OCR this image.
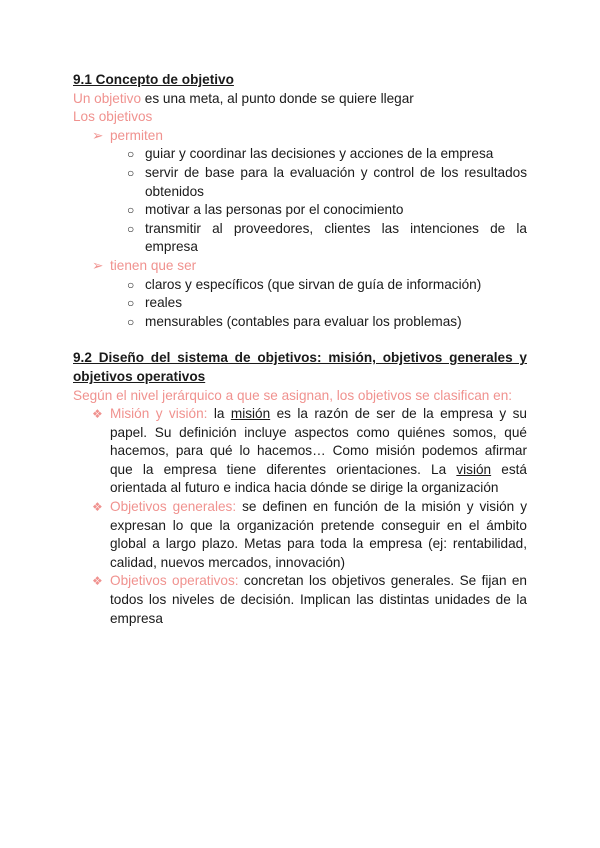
9.1 Concepto de objetivo

Un objetivo es una meta, al punto donde se quiere llegar

Los objetivos

➢ permiten
○ guiar y coordinar las decisiones y acciones de la empresa
○ servir de base para la evaluación y control de los resultados obtenidos
○ motivar a las personas por el conocimiento
○ transmitir al proveedores, clientes las intenciones de la empresa
➢ tienen que ser
○ claros y específicos (que sirvan de guía de información)
○ reales
○ mensurables (contables para evaluar los problemas)

9.2 Diseño del sistema de objetivos: misión, objetivos generales y objetivos operativos

Según el nivel jerárquico a que se asignan, los objetivos se clasifican en:

❖ Misión y visión: la misión es la razón de ser de la empresa y su papel. Su definición incluye aspectos como quiénes somos, qué hacemos, para qué lo hacemos… Como misión podemos afirmar que la empresa tiene diferentes orientaciones. La visión está orientada al futuro e indica hacia dónde se dirige la organización
❖ Objetivos generales: se definen en función de la misión y visión y expresan lo que la organización pretende conseguir en el ámbito global a largo plazo. Metas para toda la empresa (ej: rentabilidad, calidad, nuevos mercados, innovación)
❖ Objetivos operativos: concretan los objetivos generales. Se fijan en todos los niveles de decisión. Implican las distintas unidades de la empresa
